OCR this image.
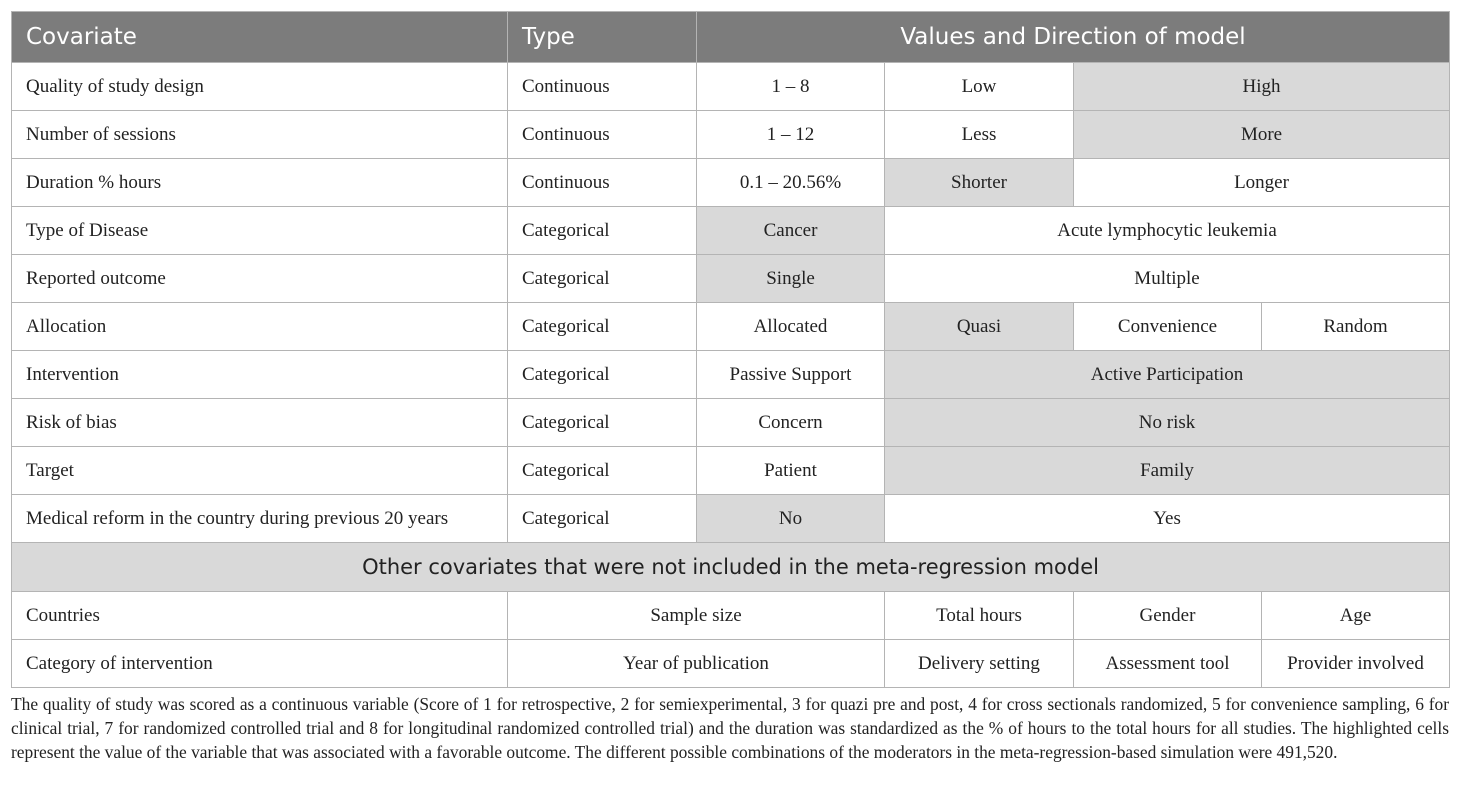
Covariate	Type	Values and Direction of model			
Quality of study design	Continuous	1 – 8	Low	High	
Number of sessions	Continuous	1 – 12	Less	More	
Duration % hours	Continuous	0.1 – 20.56%	Shorter	Longer	
Type of Disease	Categorical	Cancer	Acute lymphocytic leukemia		
Reported outcome	Categorical	Single	Multiple		
Allocation	Categorical	Allocated	Quasi	Convenience	Random
Intervention	Categorical	Passive Support	Active Participation		
Risk of bias	Categorical	Concern	No risk		
Target	Categorical	Patient	Family		
Medical reform in the country during previous 20 years	Categorical	No	Yes		
Other covariates that were not included in the meta-regression model					
Countries	Sample size		Total hours	Gender	Age
Category of intervention	Year of publication		Delivery setting	Assessment tool	Provider involved

The quality of study was scored as a continuous variable (Score of 1 for retrospective, 2 for semiexperimental, 3 for quazi pre and post, 4 for cross sectionals randomized, 5 for convenience sampling, 6 for clinical trial, 7 for randomized controlled trial and 8 for longitudinal randomized controlled trial) and the duration was standardized as the % of hours to the total hours for all studies. The highlighted cells represent the value of the variable that was associated with a favorable outcome. The different possible combinations of the moderators in the meta-regression-based simulation were 491,520.
